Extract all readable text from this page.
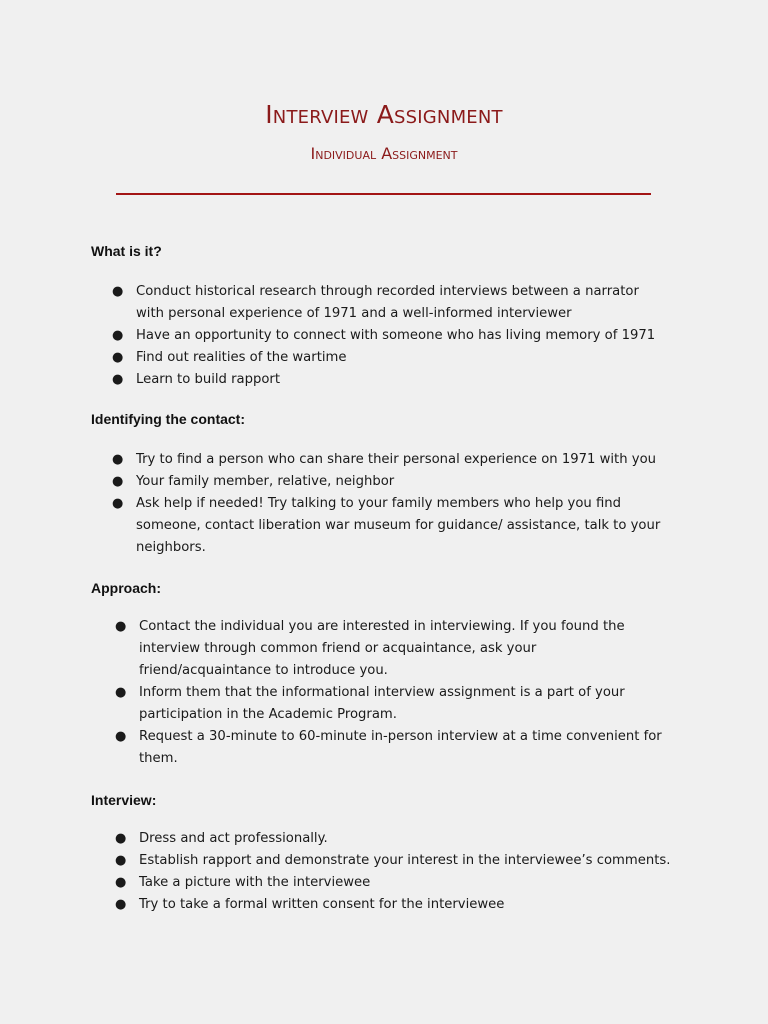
Interview Assignment
Individual Assignment
What is it?
● Conduct historical research through recorded interviews between a narrator with personal experience of 1971 and a well-informed interviewer
● Have an opportunity to connect with someone who has living memory of 1971
● Find out realities of the wartime
● Learn to build rapport
Identifying the contact:
● Try to find a person who can share their personal experience on 1971 with you
● Your family member, relative, neighbor
● Ask help if needed! Try talking to your family members who help you find someone, contact liberation war museum for guidance/ assistance, talk to your neighbors.
Approach:
● Contact the individual you are interested in interviewing. If you found the interview through common friend or acquaintance, ask your friend/acquaintance to introduce you.
● Inform them that the informational interview assignment is a part of your participation in the Academic Program.
● Request a 30-minute to 60-minute in-person interview at a time convenient for them.
Interview:
● Dress and act professionally.
● Establish rapport and demonstrate your interest in the interviewee’s comments.
● Take a picture with the interviewee
● Try to take a formal written consent for the interviewee
